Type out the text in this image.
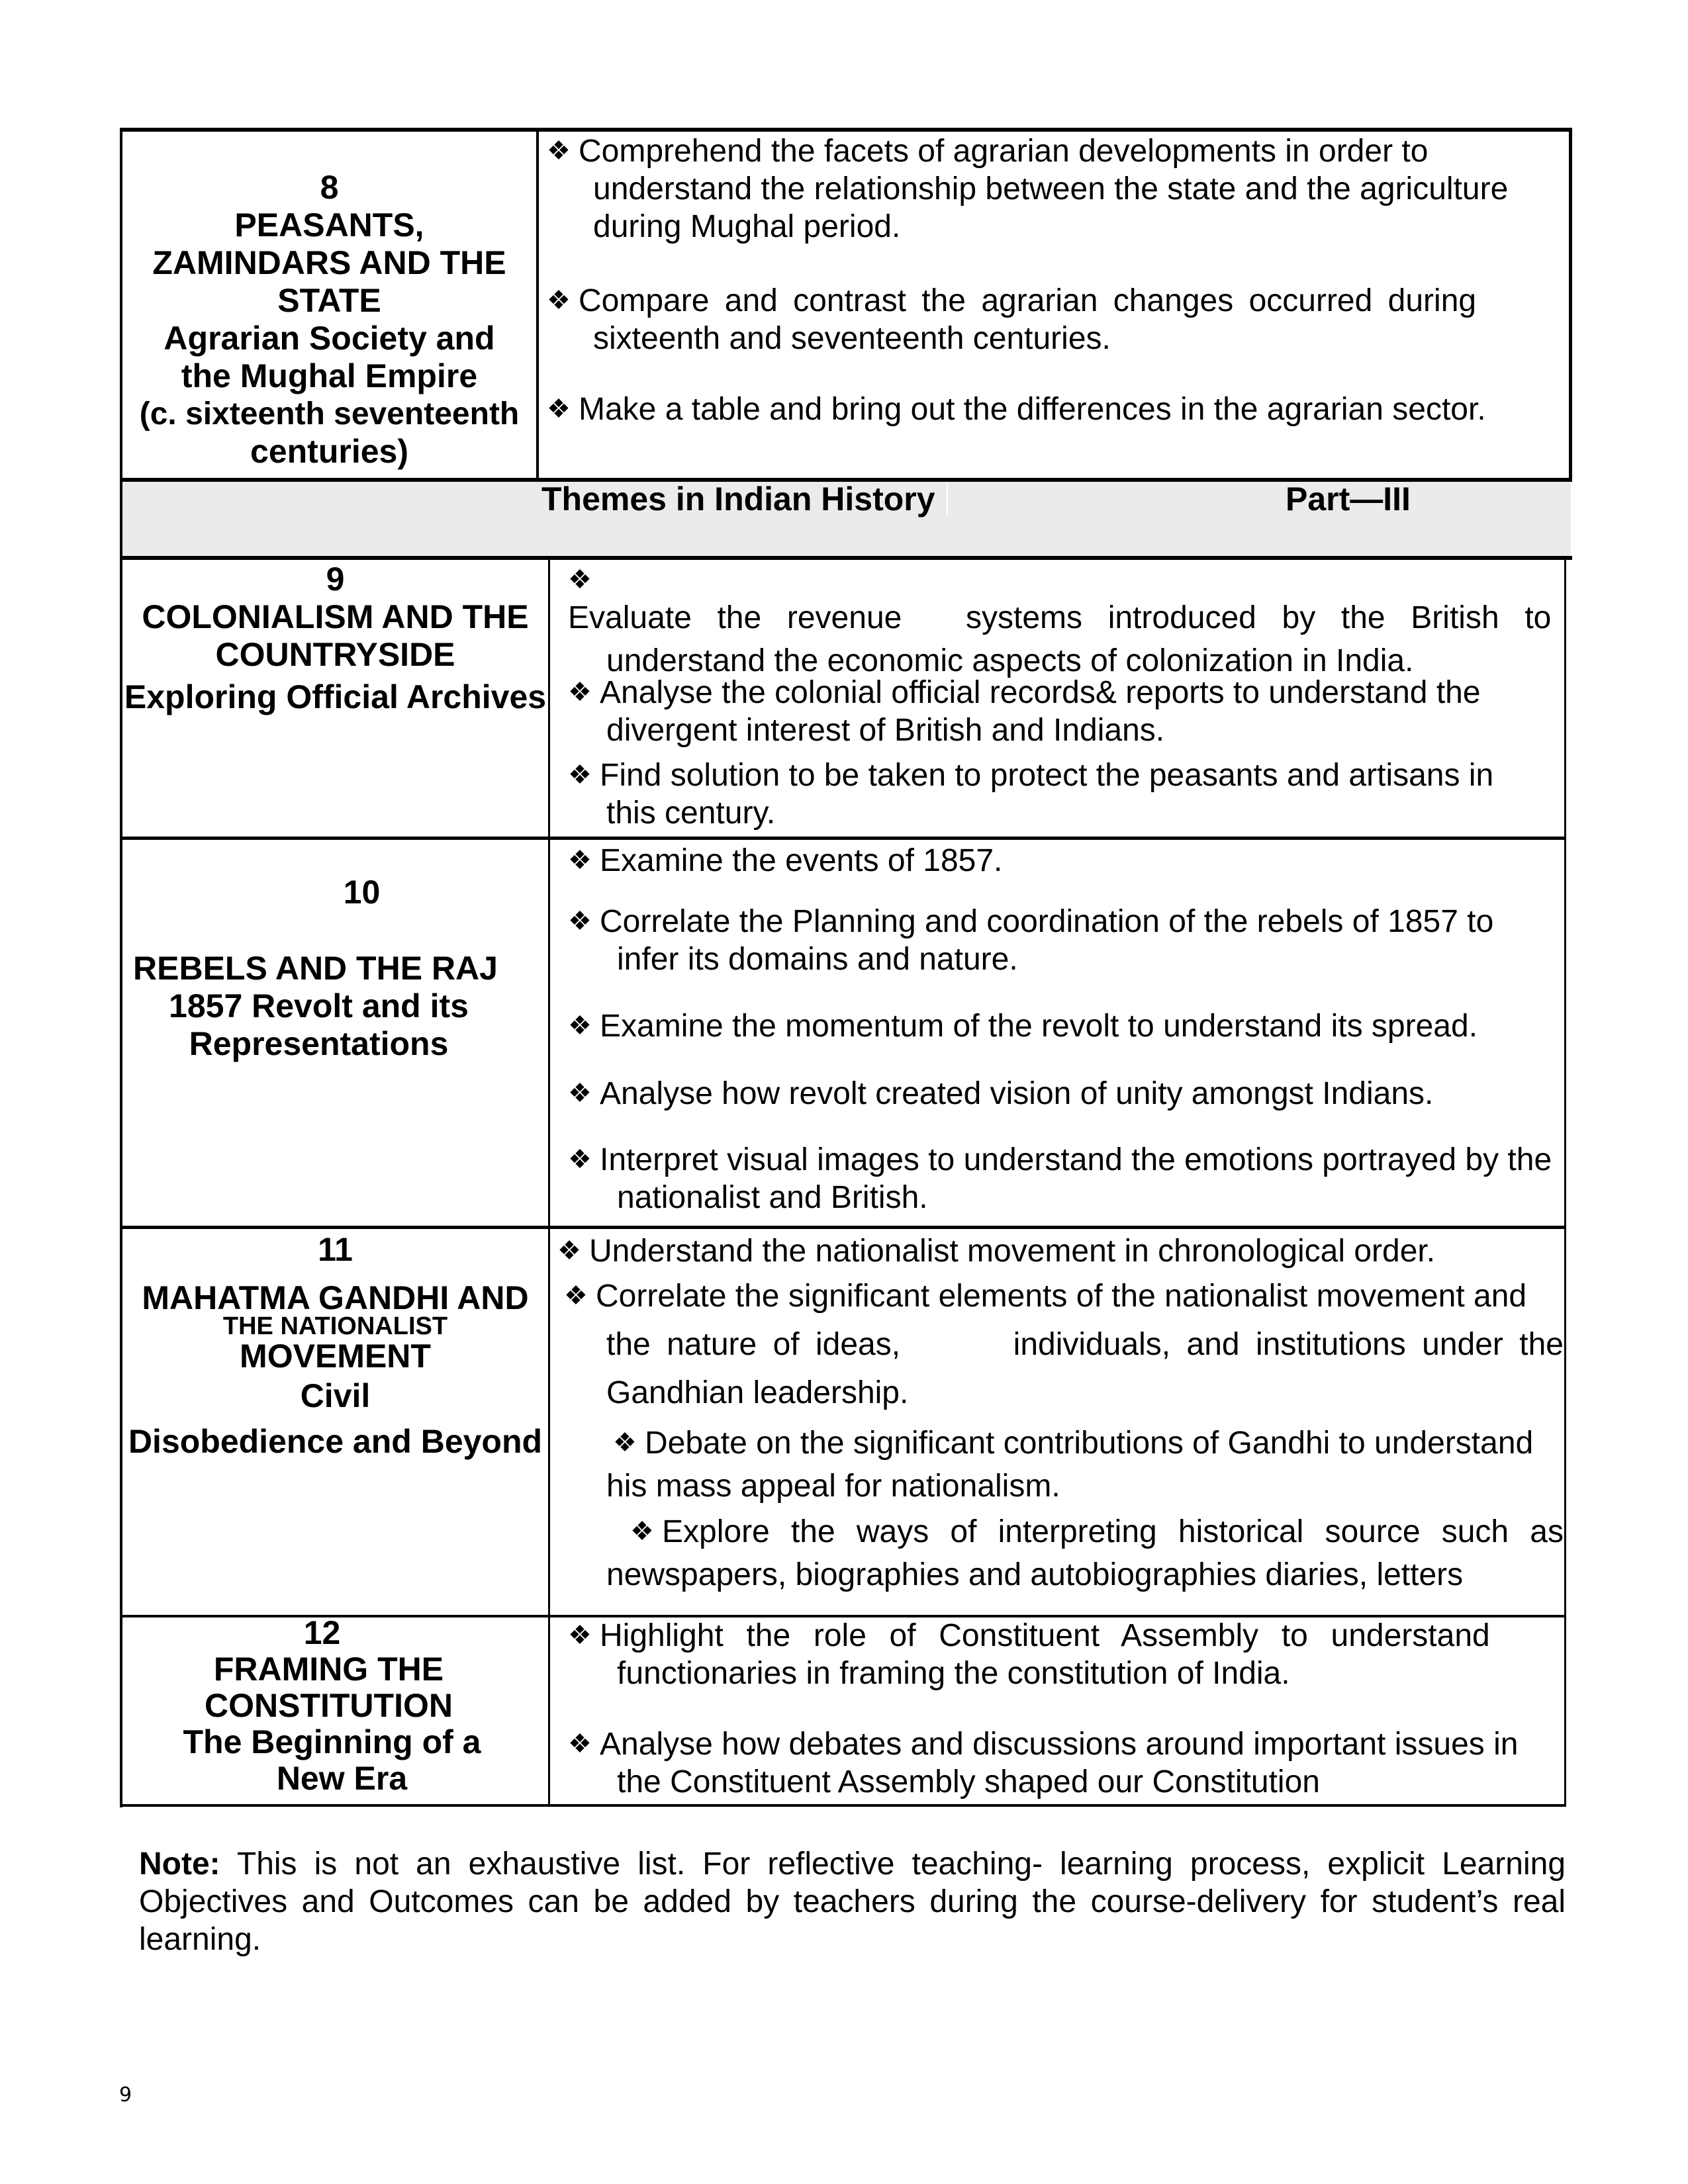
8
PEASANTS,
ZAMINDARS AND THE
STATE
Agrarian Society and
the Mughal Empire
(c. sixteenth seventeenth
centuries)
❖ Comprehend the facets of agrarian developments in order to
understand the relationship between the state and the agriculture
during Mughal period.
❖ Compare and contrast the agrarian changes occurred during
sixteenth and seventeenth centuries.
❖ Make a table and bring out the differences in the agrarian sector.
Themes in Indian History	Part—III
9
COLONIALISM AND THE
COUNTRYSIDE
Exploring Official Archives
❖Evaluate  the  revenue     systems  introduced  by  the  British  to
understand the economic aspects of colonization in India.
❖ Analyse the colonial official records& reports to understand the
divergent interest of British and Indians.
❖ Find solution to be taken to protect the peasants and artisans in
this century.
10
REBELS AND THE RAJ
1857 Revolt and its
Representations
❖ Examine the events of 1857.
❖ Correlate the Planning and coordination of the rebels of 1857 to
infer its domains and nature.
❖ Examine the momentum of the revolt to understand its spread.
❖ Analyse how revolt created vision of unity amongst Indians.
❖ Interpret visual images to understand the emotions portrayed by the
nationalist and British.
11
MAHATMA GANDHI AND
THE NATIONALIST
MOVEMENT
Civil
Disobedience and Beyond
❖ Understand the nationalist movement in chronological order.
❖ Correlate the significant elements of the nationalist movement and
the nature of ideas,       individuals, and institutions under the
Gandhian leadership.
❖ Debate on the significant contributions of Gandhi to understand
his mass appeal for nationalism.
❖ Explore the ways of interpreting historical source such as
newspapers, biographies and autobiographies diaries, letters
12
FRAMING THE
CONSTITUTION
The Beginning of a
New Era
❖ Highlight  the  role  of  Constituent  Assembly  to  understand
functionaries in framing the constitution of India.
❖ Analyse how debates and discussions around important issues in
the Constituent Assembly shaped our Constitution
Note: This is not an exhaustive list. For reflective teaching- learning process, explicit Learning Objectives and Outcomes can be added by teachers during the course-delivery for student’s real learning.
9
